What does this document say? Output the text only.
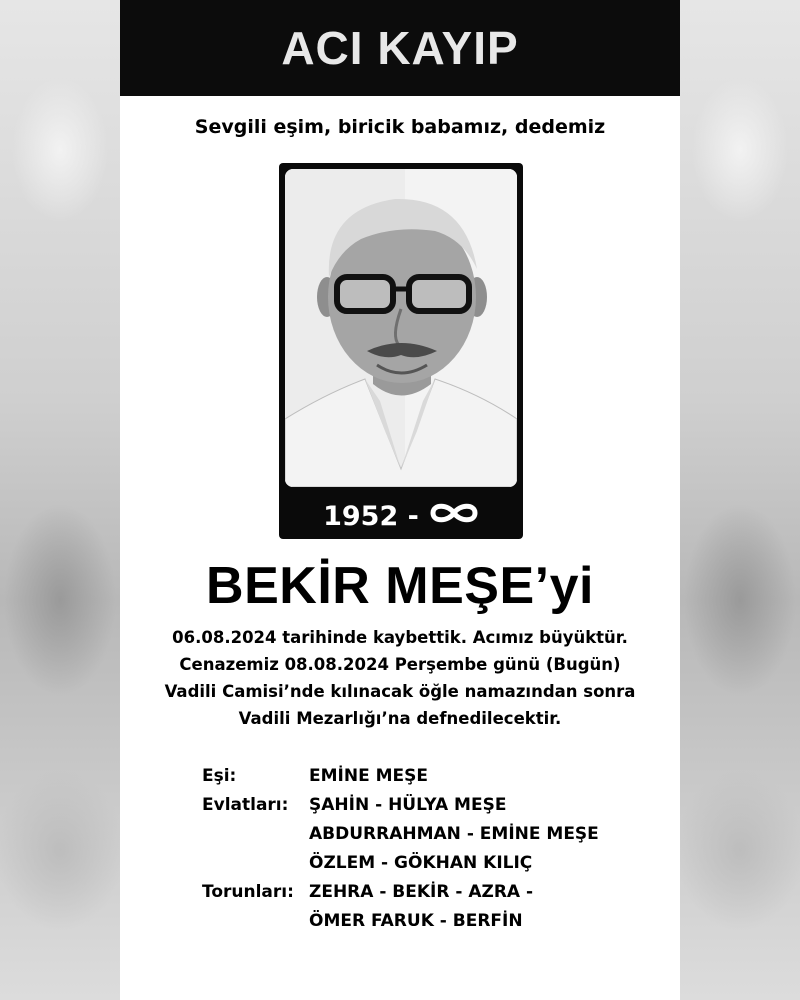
ACI KAYIP
Sevgili eşim, biricik babamız, dedemiz
1952 -
BEKİR MEŞE’yi
06.08.2024 tarihinde kaybettik. Acımız büyüktür.
Cenazemiz 08.08.2024 Perşembe günü (Bugün)
Vadili Camisi’nde kılınacak öğle namazından sonra
Vadili Mezarlığı’na defnedilecektir.
Eşi:	EMİNE MEŞE
Evlatları:	ŞAHİN - HÜLYA MEŞE
ABDURRAHMAN - EMİNE MEŞE
ÖZLEM - GÖKHAN KILIÇ
Torunları: ZEHRA - BEKİR - AZRA -
ÖMER FARUK - BERFİN
